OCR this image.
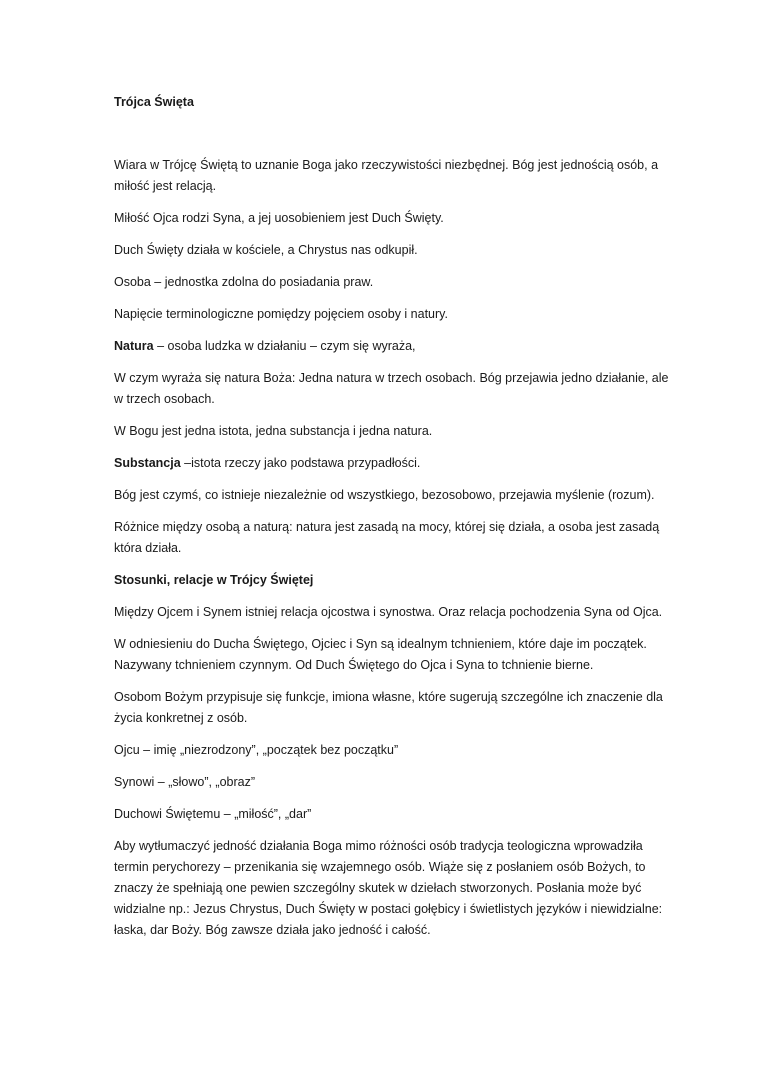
Trójca Święta

Wiara w Trójcę Świętą to uznanie Boga jako rzeczywistości niezbędnej. Bóg jest jednością osób, a miłość jest relacją.

Miłość Ojca rodzi Syna, a jej uosobieniem jest Duch Święty.

Duch Święty działa w kościele, a Chrystus nas odkupił.

Osoba – jednostka zdolna do posiadania praw.

Napięcie terminologiczne pomiędzy pojęciem osoby i natury.

Natura – osoba ludzka w działaniu – czym się wyraża,

W czym wyraża się natura Boża: Jedna natura w trzech osobach. Bóg przejawia jedno działanie, ale w trzech osobach.

W Bogu jest jedna istota, jedna substancja i jedna natura.

Substancja –istota rzeczy jako podstawa przypadłości.

Bóg jest czymś, co istnieje niezależnie od wszystkiego, bezosobowo, przejawia myślenie (rozum).

Różnice między osobą a naturą: natura jest zasadą na mocy, której się działa, a osoba jest zasadą która działa.

Stosunki, relacje w Trójcy Świętej

Między Ojcem i Synem istniej relacja ojcostwa i synostwa. Oraz relacja pochodzenia Syna od Ojca.

W odniesieniu do Ducha Świętego, Ojciec i Syn są idealnym tchnieniem, które daje im początek. Nazywany tchnieniem czynnym. Od Duch Świętego do Ojca i Syna to tchnienie bierne.

Osobom Bożym przypisuje się funkcje, imiona własne, które sugerują szczególne ich znaczenie dla życia konkretnej z osób.

Ojcu – imię „niezrodzony”, „początek bez początku”

Synowi – „słowo”, „obraz”

Duchowi Świętemu – „miłość”, „dar”

Aby wytłumaczyć jedność działania Boga mimo różności osób tradycja teologiczna wprowadziła termin perychorezy – przenikania się wzajemnego osób. Wiąże się z posłaniem osób Bożych, to znaczy że spełniają one pewien szczególny skutek w dziełach stworzonych. Posłania może być widzialne np.: Jezus Chrystus, Duch Święty w postaci gołębicy i świetlistych języków i niewidzialne: łaska, dar Boży. Bóg zawsze działa jako jedność i całość.
